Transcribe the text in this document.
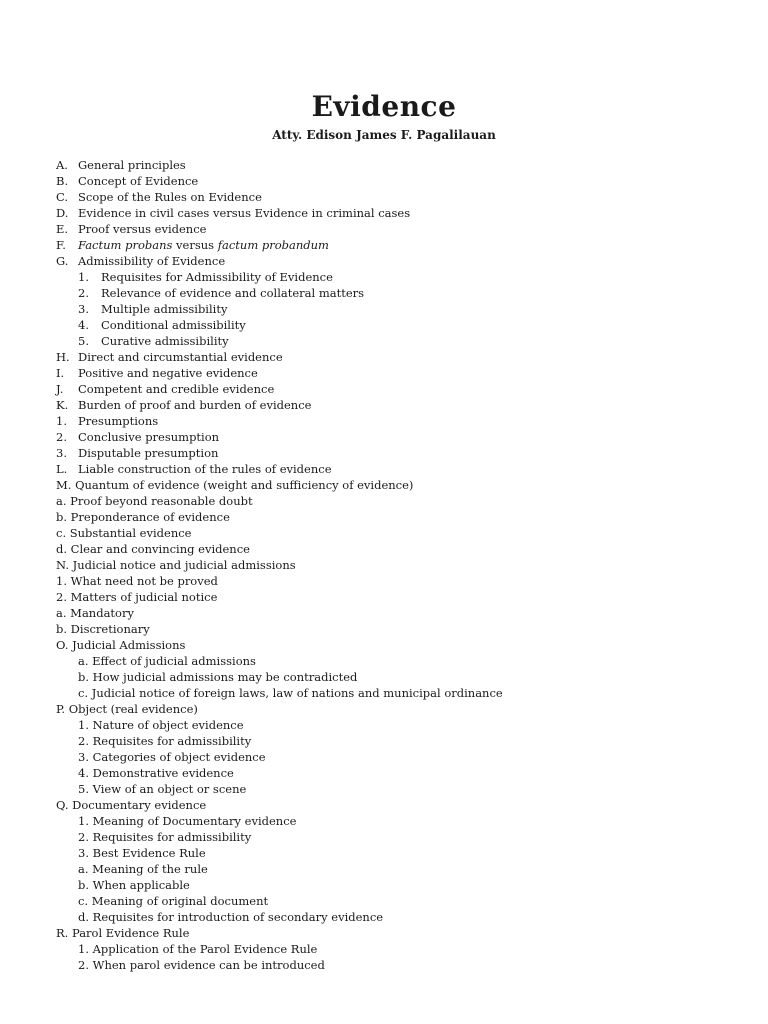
Evidence

Atty. Edison James F. Pagalilauan

A. General principles
B. Concept of Evidence
C. Scope of the Rules on Evidence
D. Evidence in civil cases versus Evidence in criminal cases
E. Proof versus evidence
F. Factum probans versus factum probandum
G. Admissibility of Evidence
1. Requisites for Admissibility of Evidence
2. Relevance of evidence and collateral matters
3. Multiple admissibility
4. Conditional admissibility
5. Curative admissibility
H. Direct and circumstantial evidence
I. Positive and negative evidence
J. Competent and credible evidence
K. Burden of proof and burden of evidence
1. Presumptions
2. Conclusive presumption
3. Disputable presumption
L. Liable construction of the rules of evidence
M. Quantum of evidence (weight and sufficiency of evidence)
a. Proof beyond reasonable doubt
b. Preponderance of evidence
c. Substantial evidence
d. Clear and convincing evidence
N. Judicial notice and judicial admissions
1. What need not be proved
2. Matters of judicial notice
a. Mandatory
b. Discretionary
O. Judicial Admissions
a. Effect of judicial admissions
b. How judicial admissions may be contradicted
c. Judicial notice of foreign laws, law of nations and municipal ordinance
P. Object (real evidence)
1. Nature of object evidence
2. Requisites for admissibility
3. Categories of object evidence
4. Demonstrative evidence
5. View of an object or scene
Q. Documentary evidence
1. Meaning of Documentary evidence
2. Requisites for admissibility
3. Best Evidence Rule
a. Meaning of the rule
b. When applicable
c. Meaning of original document
d. Requisites for introduction of secondary evidence
R. Parol Evidence Rule
1. Application of the Parol Evidence Rule
2. When parol evidence can be introduced
